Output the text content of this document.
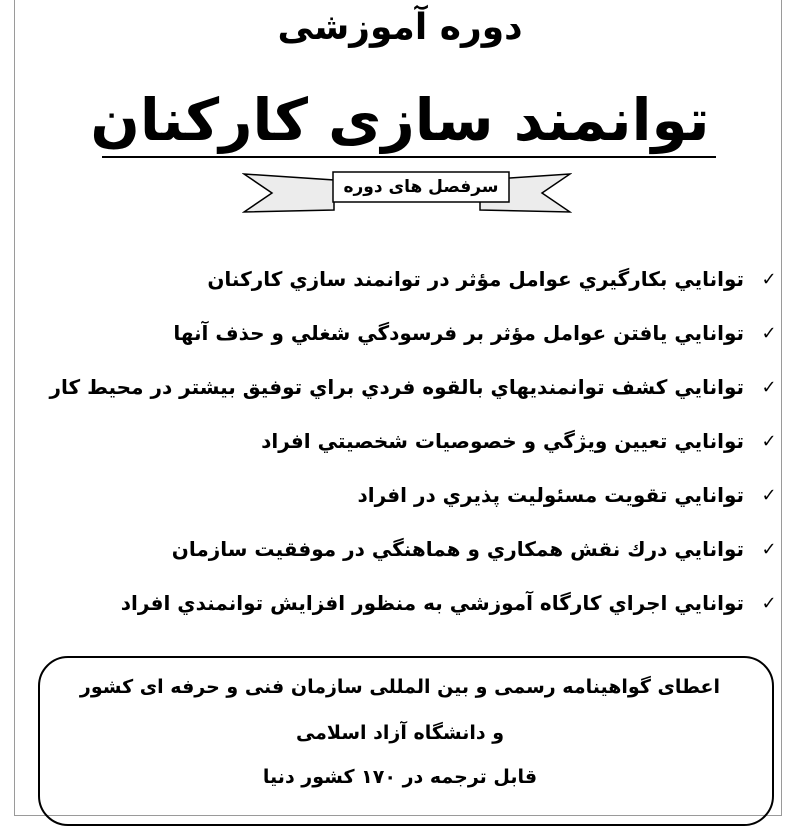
دوره آموزشی
توانمند سازی کارکنان
سرفصل های دوره
✓
توانايي بكارگيري عوامل مؤثر در توانمند سازي كاركنان
✓
توانايي يافتن عوامل مؤثر بر فرسودگي شغلي و حذف آنها
✓
توانايي كشف توانمنديهاي بالقوه فردي براي توفيق بيشتر در محيط كار
✓
توانايي تعيين ويژگي و خصوصيات شخصيتي افراد
✓
توانايي تقويت مسئوليت پذيري در افراد
✓
توانايي درك نقش همكاري و هماهنگي در موفقيت سازمان
✓
توانايي اجراي كارگاه آموزشي به منظور افزايش توانمندي افراد
اعطای گواهینامه رسمی و بین المللی سازمان فنی و حرفه ای کشور
و دانشگاه آزاد اسلامی
قابل ترجمه در ۱۷۰ کشور دنیا
